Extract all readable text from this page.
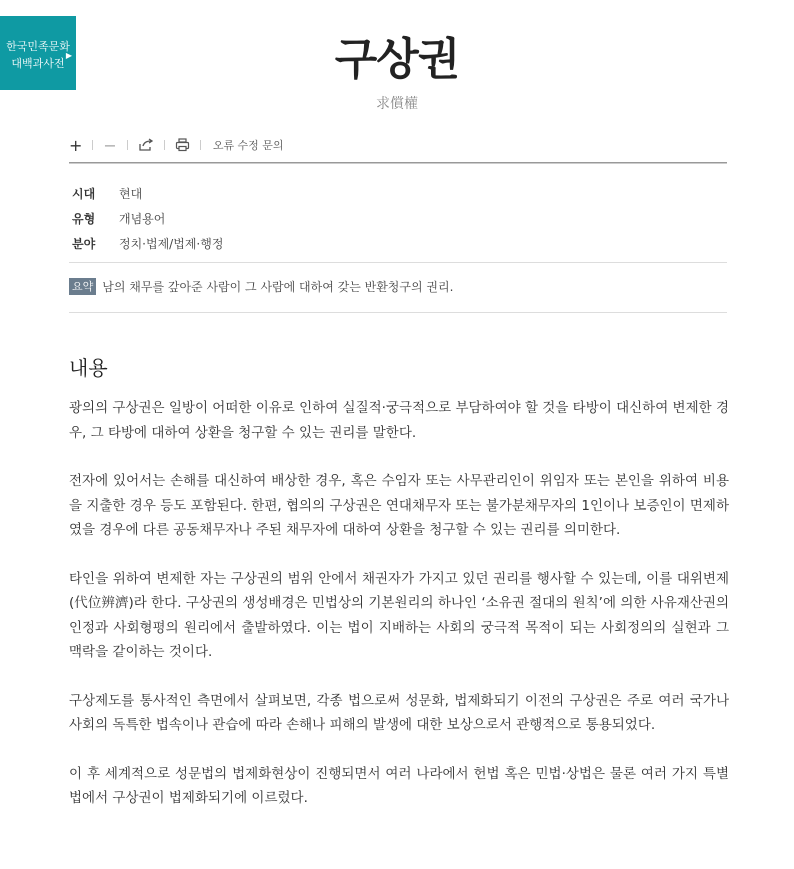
한국민족문화
대백과사전
▶	구상권
求償權
+ −	오류 수정 문의
시대	현대
유형	개념용어
분야	정치·법제/법제·행정
요약 남의 채무를 갚아준 사람이 그 사람에 대하여 갖는 반환청구의 권리.
내용

광의의 구상권은 일방이 어떠한 이유로 인하여 실질적·궁극적으로 부담하여야 할 것을 타방이 대신하여 변제한 경우, 그 타방에 대하여 상환을 청구할 수 있는 권리를 말한다.

전자에 있어서는 손해를 대신하여 배상한 경우, 혹은 수임자 또는 사무관리인이 위임자 또는 본인을 위하여 비용을 지출한 경우 등도 포함된다. 한편, 협의의 구상권은 연대채무자 또는 불가분채무자의 1인이나 보증인이 면제하였을 경우에 다른 공동채무자나 주된 채무자에 대하여 상환을 청구할 수 있는 권리를 의미한다.

타인을 위하여 변제한 자는 구상권의 범위 안에서 채권자가 가지고 있던 권리를 행사할 수 있는데, 이를 대위변제(代位辨濟)라 한다. 구상권의 생성배경은 민법상의 기본원리의 하나인 ‘소유권 절대의 원칙’에 의한 사유재산권의 인정과 사회형평의 원리에서 출발하였다. 이는 법이 지배하는 사회의 궁극적 목적이 되는 사회정의의 실현과 그 맥락을 같이하는 것이다.

구상제도를 통사적인 측면에서 살펴보면, 각종 법으로써 성문화, 법제화되기 이전의 구상권은 주로 여러 국가나 사회의 독특한 법속이나 관습에 따라 손해나 피해의 발생에 대한 보상으로서 관행적으로 통용되었다.

이 후 세계적으로 성문법의 법제화현상이 진행되면서 여러 나라에서 헌법 혹은 민법·상법은 물론 여러 가지 특별법에서 구상권이 법제화되기에 이르렀다.
